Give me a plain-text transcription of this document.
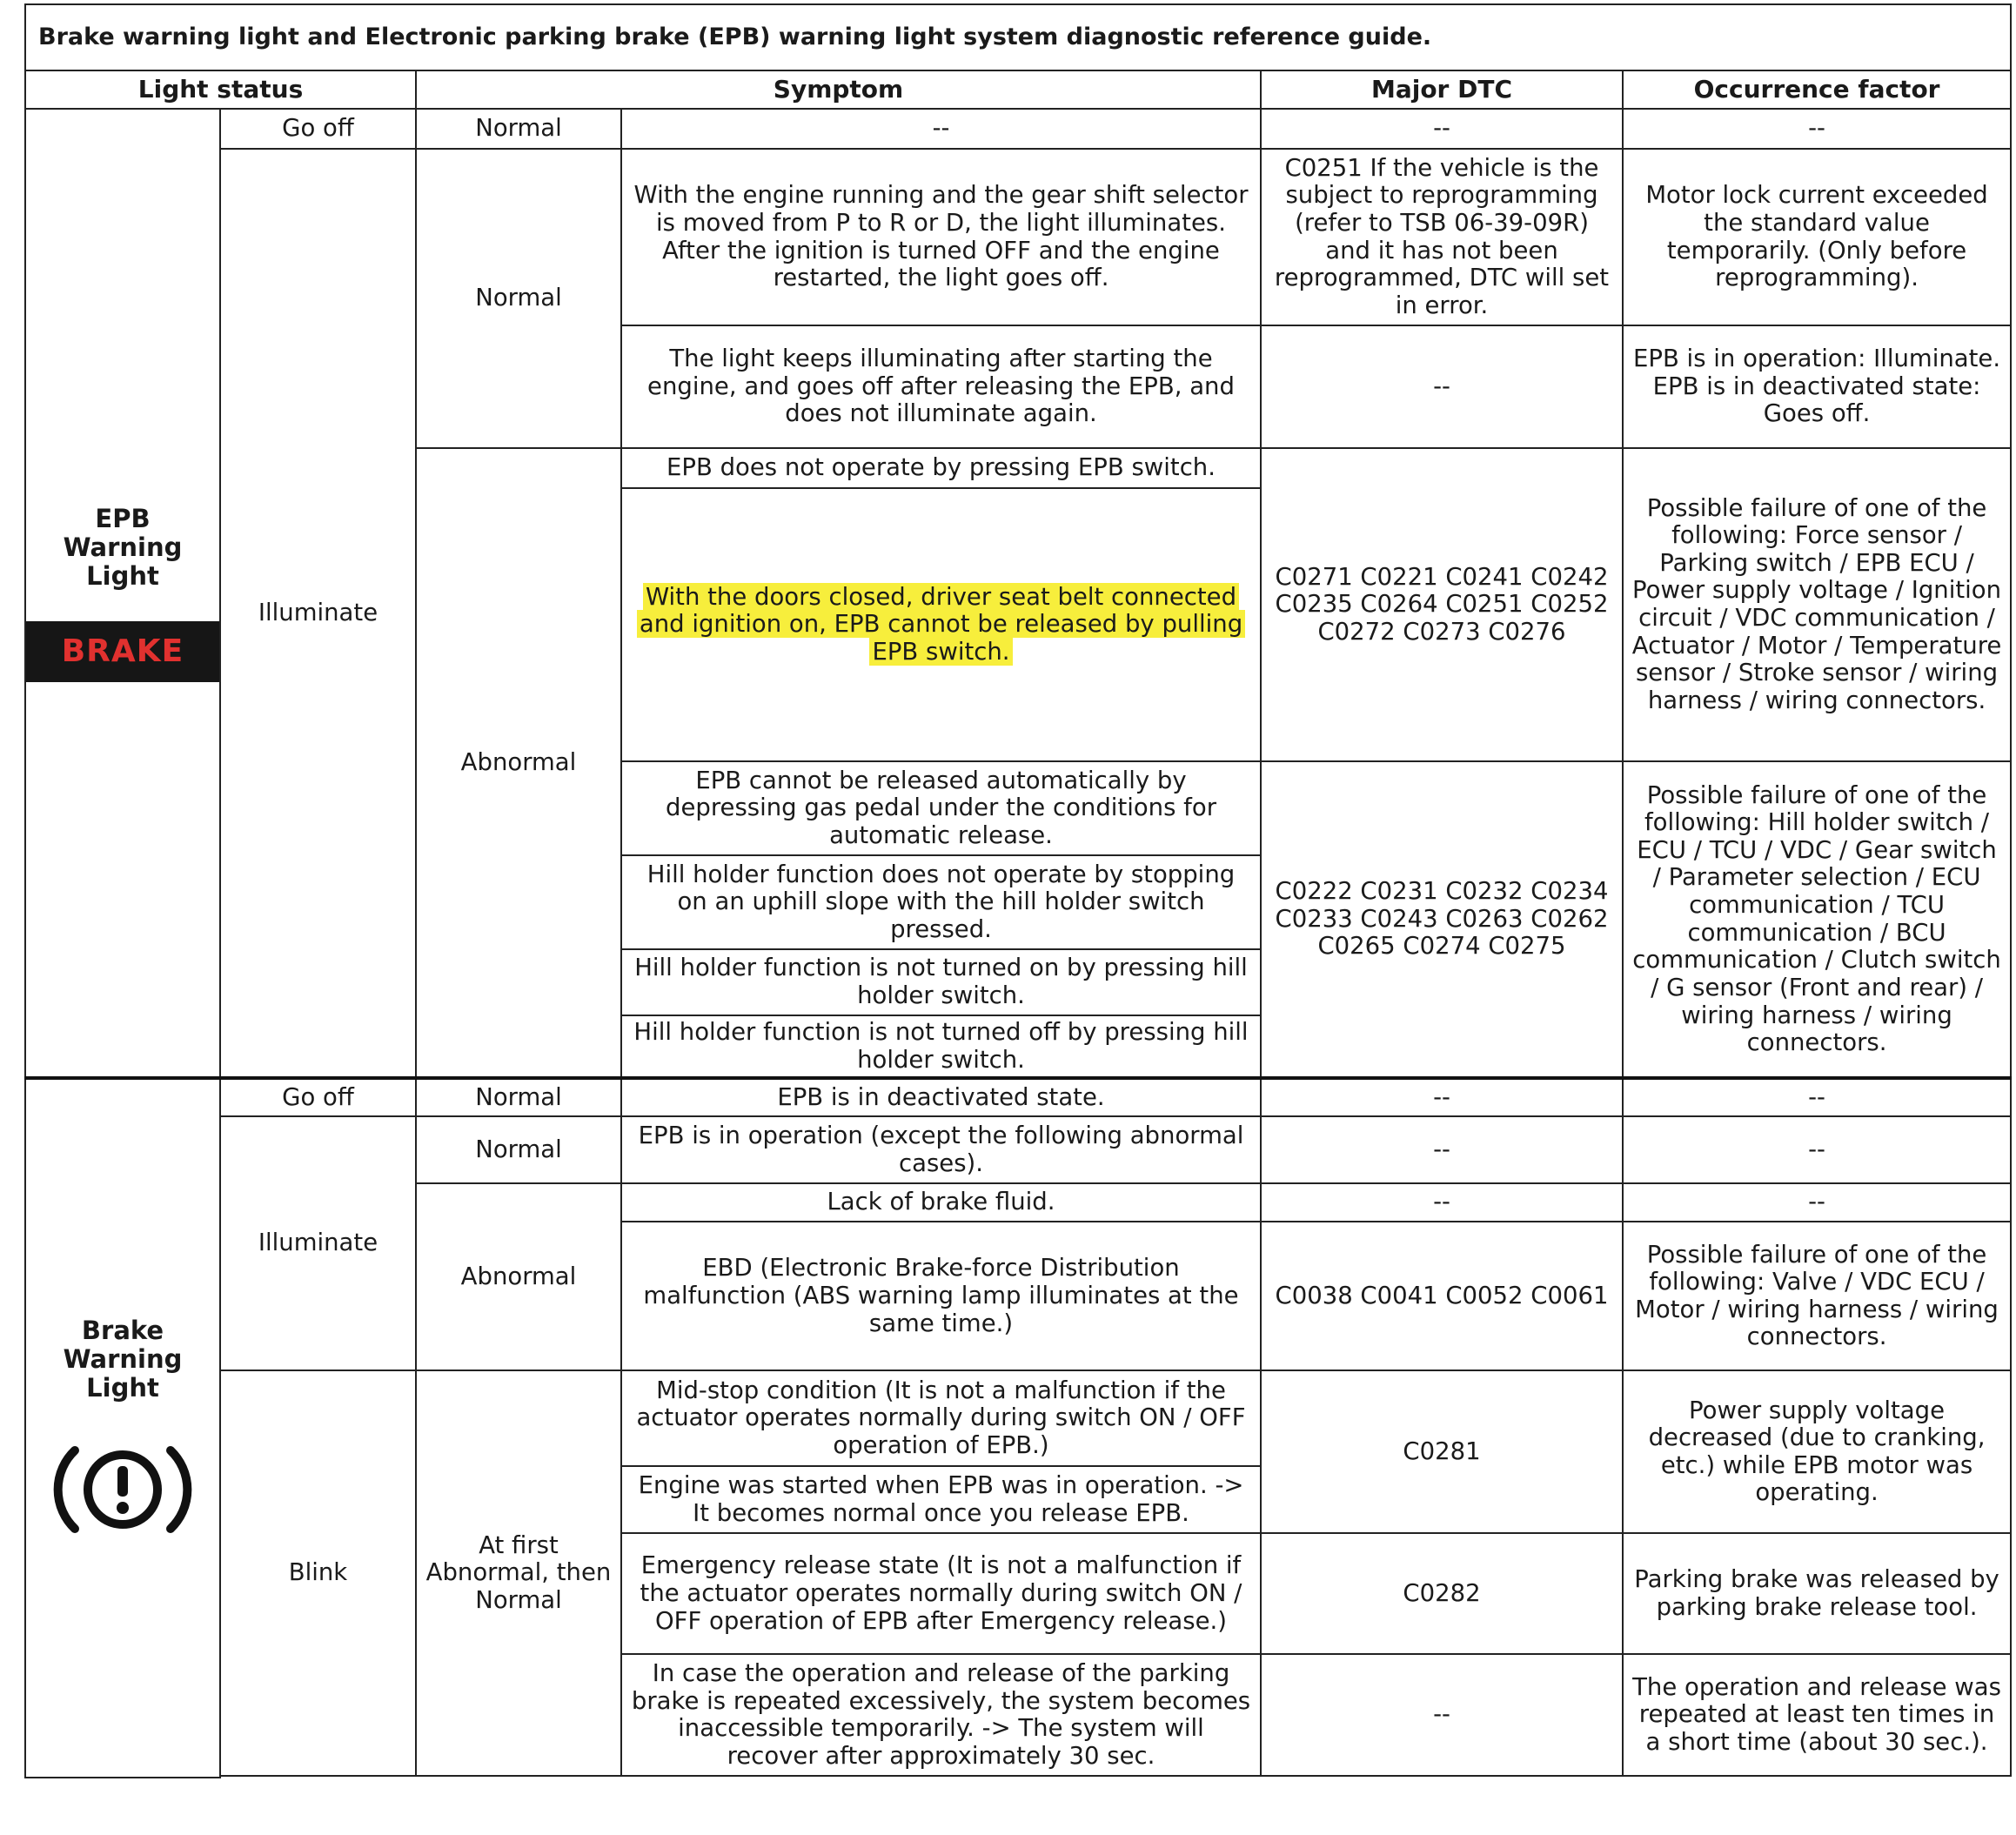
Brake warning light and Electronic parking brake (EPB) warning light system diagnostic reference guide.					
Light status		Symptom		Major DTC	Occurrence factor

EPB Warning Light
BRAKE	Go off	Normal	--	--	--
	Illuminate	Normal	With the engine running and the gear shift selector is moved from P to R or D, the light illuminates. After the ignition is turned OFF and the engine restarted, the light goes off.	C0251 If the vehicle is the subject to reprogramming (refer to TSB 06-39-09R) and it has not been reprogrammed, DTC will set in error.	Motor lock current exceeded the standard value temporarily. (Only before reprogramming).
			The light keeps illuminating after starting the engine, and goes off after releasing the EPB, and does not illuminate again.	--	EPB is in operation: Illuminate. EPB is in deactivated state: Goes off.
		Abnormal	EPB does not operate by pressing EPB switch.	C0271 C0221 C0241 C0242 C0235 C0264 C0251 C0252 C0272 C0273 C0276	Possible failure of one of the following: Force sensor / Parking switch / EPB ECU / Power supply voltage / Ignition circuit / VDC communication / Actuator / Motor / Temperature sensor / Stroke sensor / wiring harness / wiring connectors.
			With the doors closed, driver seat belt connected and ignition on, EPB cannot be released by pulling EPB switch.		
			EPB cannot be released automatically by depressing gas pedal under the conditions for automatic release.	C0222 C0231 C0232 C0234 C0233 C0243 C0263 C0262 C0265 C0274 C0275	Possible failure of one of the following: Hill holder switch / ECU / TCU / VDC / Gear switch / Parameter selection / ECU communication / TCU communication / BCU communication / Clutch switch / G sensor (Front and rear) / wiring harness / wiring connectors.
			Hill holder function does not operate by stopping on an uphill slope with the hill holder switch pressed.		
			Hill holder function is not turned on by pressing hill holder switch.		
			Hill holder function is not turned off by pressing hill holder switch.		

Brake Warning Light	Go off	Normal	EPB is in deactivated state.	--	--
	Illuminate	Normal	EPB is in operation (except the following abnormal cases).	--	--
		Abnormal	Lack of brake fluid.	--	--
			EBD (Electronic Brake-force Distribution malfunction (ABS warning lamp illuminates at the same time.)	C0038 C0041 C0052 C0061	Possible failure of one of the following: Valve / VDC ECU / Motor / wiring harness / wiring connectors.
	Blink	At first Abnormal, then Normal	Mid-stop condition (It is not a malfunction if the actuator operates normally during switch ON / OFF operation of EPB.)	C0281	Power supply voltage decreased (due to cranking, etc.) while EPB motor was operating.
			Engine was started when EPB was in operation. -> It becomes normal once you release EPB.		
			Emergency release state (It is not a malfunction if the actuator operates normally during switch ON / OFF operation of EPB after Emergency release.)	C0282	Parking brake was released by parking brake release tool.
			In case the operation and release of the parking brake is repeated excessively, the system becomes inaccessible temporarily. -> The system will recover after approximately 30 sec.	--	The operation and release was repeated at least ten times in a short time (about 30 sec.).
